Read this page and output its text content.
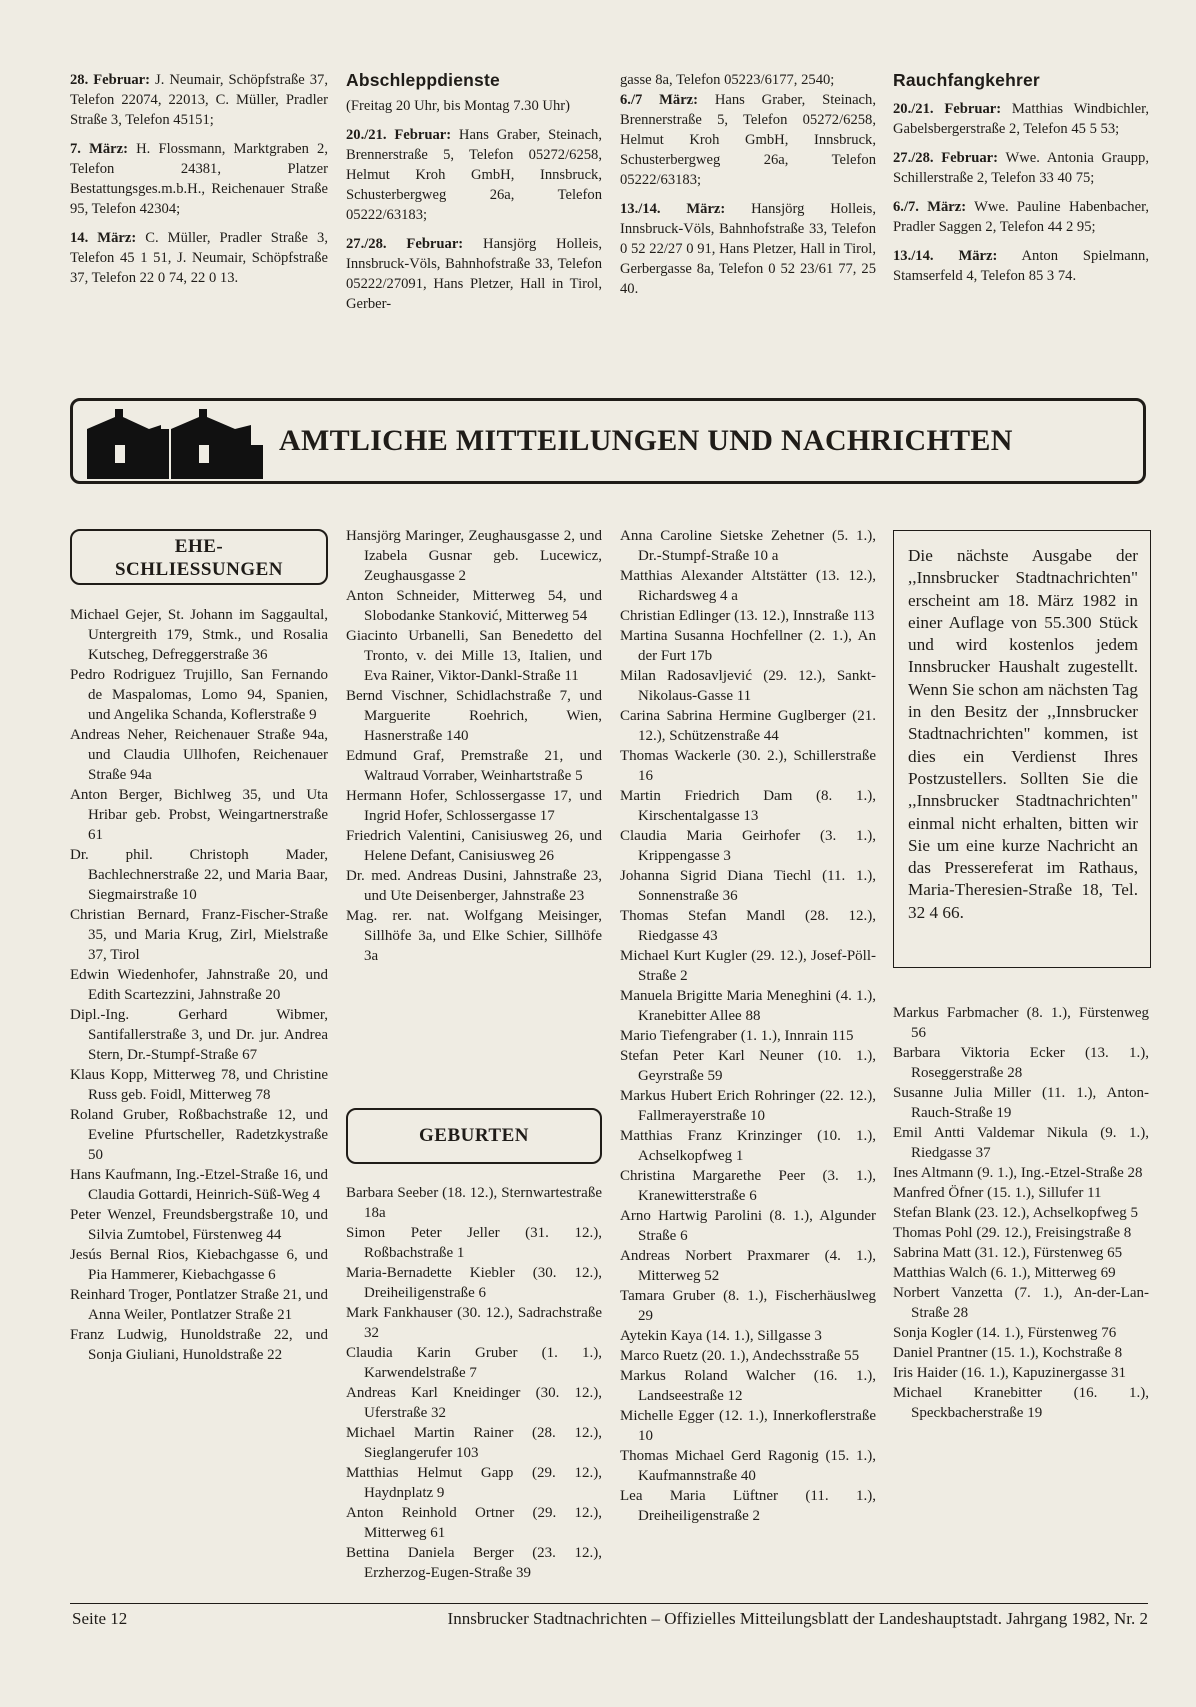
28. Februar: J. Neumair, Schöpfstraße 37, Telefon 22074, 22013, C. Müller, Pradler Straße 3, Telefon 45151;

7. März: H. Flossmann, Marktgraben 2, Telefon 24381, Platzer Bestattungsges.m.b.H., Reichenauer Straße 95, Telefon 42304;

14. März: C. Müller, Pradler Straße 3, Telefon 45 1 51, J. Neumair, Schöpfstraße 37, Telefon 22 0 74, 22 0 13.

Abschleppdienste

(Freitag 20 Uhr, bis Montag 7.30 Uhr)

20./21. Februar: Hans Graber, Steinach, Brennerstraße 5, Telefon 05272/6258, Helmut Kroh GmbH, Innsbruck, Schusterbergweg 26a, Telefon 05222/63183;

27./28. Februar: Hansjörg Holleis, Innsbruck-Völs, Bahnhofstraße 33, Telefon 05222/27091, Hans Pletzer, Hall in Tirol, Gerber-

gasse 8a, Telefon 05223/6177, 2540;

6./7 März: Hans Graber, Steinach, Brennerstraße 5, Telefon 05272/6258, Helmut Kroh GmbH, Innsbruck, Schusterbergweg 26a, Telefon 05222/63183;

13./14. März: Hansjörg Holleis, Innsbruck-Völs, Bahnhofstraße 33, Telefon 0 52 22/27 0 91, Hans Pletzer, Hall in Tirol, Gerbergasse 8a, Telefon 0 52 23/61 77, 25 40.

Rauchfangkehrer

20./21. Februar: Matthias Windbichler, Gabelsbergerstraße 2, Telefon 45 5 53;

27./28. Februar: Wwe. Antonia Graupp, Schillerstraße 2, Telefon 33 40 75;

6./7. März: Wwe. Pauline Habenbacher, Pradler Saggen 2, Telefon 44 2 95;

13./14. März: Anton Spielmann, Stamserfeld 4, Telefon 85 3 74.

AMTLICHE MITTEILUNGEN UND NACHRICHTEN
EHE-
SCHLIESSUNGEN

Michael Gejer, St. Johann im Saggaultal, Untergreith 179, Stmk., und Rosalia Kutscheg, Defreggerstraße 36

Pedro Rodriguez Trujillo, San Fernando de Maspalomas, Lomo 94, Spanien, und Angelika Schanda, Koflerstraße 9

Andreas Neher, Reichenauer Straße 94a, und Claudia Ullhofen, Reichenauer Straße 94a

Anton Berger, Bichlweg 35, und Uta Hribar geb. Probst, Weingartnerstraße 61

Dr. phil. Christoph Mader, Bachlechnerstraße 22, und Maria Baar, Siegmairstraße 10

Christian Bernard, Franz-Fischer-Straße 35, und Maria Krug, Zirl, Mielstraße 37, Tirol

Edwin Wiedenhofer, Jahnstraße 20, und Edith Scartezzini, Jahnstraße 20

Dipl.-Ing. Gerhard Wibmer, Santifallerstraße 3, und Dr. jur. Andrea Stern, Dr.-Stumpf-Straße 67

Klaus Kopp, Mitterweg 78, und Christine Russ geb. Foidl, Mitterweg 78

Roland Gruber, Roßbachstraße 12, und Eveline Pfurtscheller, Radetzkystraße 50

Hans Kaufmann, Ing.-Etzel-Straße 16, und Claudia Gottardi, Heinrich-Süß-Weg 4

Peter Wenzel, Freundsbergstraße 10, und Silvia Zumtobel, Fürstenweg 44

Jesús Bernal Rios, Kiebachgasse 6, und Pia Hammerer, Kiebachgasse 6

Reinhard Troger, Pontlatzer Straße 21, und Anna Weiler, Pontlatzer Straße 21

Franz Ludwig, Hunoldstraße 22, und Sonja Giuliani, Hunoldstraße 22

Hansjörg Maringer, Zeughausgasse 2, und Izabela Gusnar geb. Lucewicz, Zeughausgasse 2

Anton Schneider, Mitterweg 54, und Slobodanke Stanković, Mitterweg 54

Giacinto Urbanelli, San Benedetto del Tronto, v. dei Mille 13, Italien, und Eva Rainer, Viktor-Dankl-Straße 11

Bernd Vischner, Schidlachstraße 7, und Marguerite Roehrich, Wien, Hasnerstraße 140

Edmund Graf, Premstraße 21, und Waltraud Vorraber, Weinhartstraße 5

Hermann Hofer, Schlossergasse 17, und Ingrid Hofer, Schlossergasse 17

Friedrich Valentini, Canisiusweg 26, und Helene Defant, Canisiusweg 26

Dr. med. Andreas Dusini, Jahnstraße 23, und Ute Deisenberger, Jahnstraße 23

Mag. rer. nat. Wolfgang Meisinger, Sillhöfe 3a, und Elke Schier, Sillhöfe 3a

GEBURTEN

Barbara Seeber (18. 12.), Sternwartestraße 18a

Simon Peter Jeller (31. 12.), Roßbachstraße 1

Maria-Bernadette Kiebler (30. 12.), Dreiheiligenstraße 6

Mark Fankhauser (30. 12.), Sadrachstraße 32

Claudia Karin Gruber (1. 1.), Karwendelstraße 7

Andreas Karl Kneidinger (30. 12.), Uferstraße 32

Michael Martin Rainer (28. 12.), Sieglangerufer 103

Matthias Helmut Gapp (29. 12.), Haydnplatz 9

Anton Reinhold Ortner (29. 12.), Mitterweg 61

Bettina Daniela Berger (23. 12.), Erzherzog-Eugen-Straße 39

Anna Caroline Sietske Zehetner (5. 1.), Dr.-Stumpf-Straße 10 a

Matthias Alexander Altstätter (13. 12.), Richardsweg 4 a

Christian Edlinger (13. 12.), Innstraße 113

Martina Susanna Hochfellner (2. 1.), An der Furt 17b

Milan Radosavljević (29. 12.), Sankt-Nikolaus-Gasse 11

Carina Sabrina Hermine Guglberger (21. 12.), Schützenstraße 44

Thomas Wackerle (30. 2.), Schillerstraße 16

Martin Friedrich Dam (8. 1.), Kirschentalgasse 13

Claudia Maria Geirhofer (3. 1.), Krippengasse 3

Johanna Sigrid Diana Tiechl (11. 1.), Sonnenstraße 36

Thomas Stefan Mandl (28. 12.), Riedgasse 43

Michael Kurt Kugler (29. 12.), Josef-Pöll-Straße 2

Manuela Brigitte Maria Meneghini (4. 1.), Kranebitter Allee 88

Mario Tiefengraber (1. 1.), Innrain 115

Stefan Peter Karl Neuner (10. 1.), Geyrstraße 59

Markus Hubert Erich Rohringer (22. 12.), Fallmerayerstraße 10

Matthias Franz Krinzinger (10. 1.), Achselkopfweg 1

Christina Margarethe Peer (3. 1.), Kranewitterstraße 6

Arno Hartwig Parolini (8. 1.), Algunder Straße 6

Andreas Norbert Praxmarer (4. 1.), Mitterweg 52

Tamara Gruber (8. 1.), Fischerhäuslweg 29

Aytekin Kaya (14. 1.), Sillgasse 3

Marco Ruetz (20. 1.), Andechsstraße 55

Markus Roland Walcher (16. 1.), Landseestraße 12

Michelle Egger (12. 1.), Innerkoflerstraße 10

Thomas Michael Gerd Ragonig (15. 1.), Kaufmannstraße 40

Lea Maria Lüftner (11. 1.), Dreiheiligenstraße 2

Die nächste Ausgabe der ,,Innsbrucker Stadtnachrichten" erscheint am 18. März 1982 in einer Auflage von 55.300 Stück und wird kostenlos jedem Innsbrucker Haushalt zugestellt. Wenn Sie schon am nächsten Tag in den Besitz der ,,Innsbrucker Stadtnachrichten" kommen, ist dies ein Verdienst Ihres Postzustellers. Sollten Sie die ,,Innsbrucker Stadtnachrichten" einmal nicht erhalten, bitten wir Sie um eine kurze Nachricht an das Pressereferat im Rathaus, Maria-Theresien-Straße 18, Tel. 32 4 66.

Markus Farbmacher (8. 1.), Fürstenweg 56

Barbara Viktoria Ecker (13. 1.), Roseggerstraße 28

Susanne Julia Miller (11. 1.), Anton-Rauch-Straße 19

Emil Antti Valdemar Nikula (9. 1.), Riedgasse 37

Ines Altmann (9. 1.), Ing.-Etzel-Straße 28

Manfred Öfner (15. 1.), Sillufer 11

Stefan Blank (23. 12.), Achselkopfweg 5

Thomas Pohl (29. 12.), Freisingstraße 8

Sabrina Matt (31. 12.), Fürstenweg 65

Matthias Walch (6. 1.), Mitterweg 69

Norbert Vanzetta (7. 1.), An-der-Lan-Straße 28

Sonja Kogler (14. 1.), Fürstenweg 76

Daniel Prantner (15. 1.), Kochstraße 8

Iris Haider (16. 1.), Kapuzinergasse 31

Michael Kranebitter (16. 1.), Speckbacherstraße 19

Seite 12	Innsbrucker Stadtnachrichten – Offizielles Mitteilungsblatt der Landeshauptstadt. Jahrgang 1982, Nr. 2
